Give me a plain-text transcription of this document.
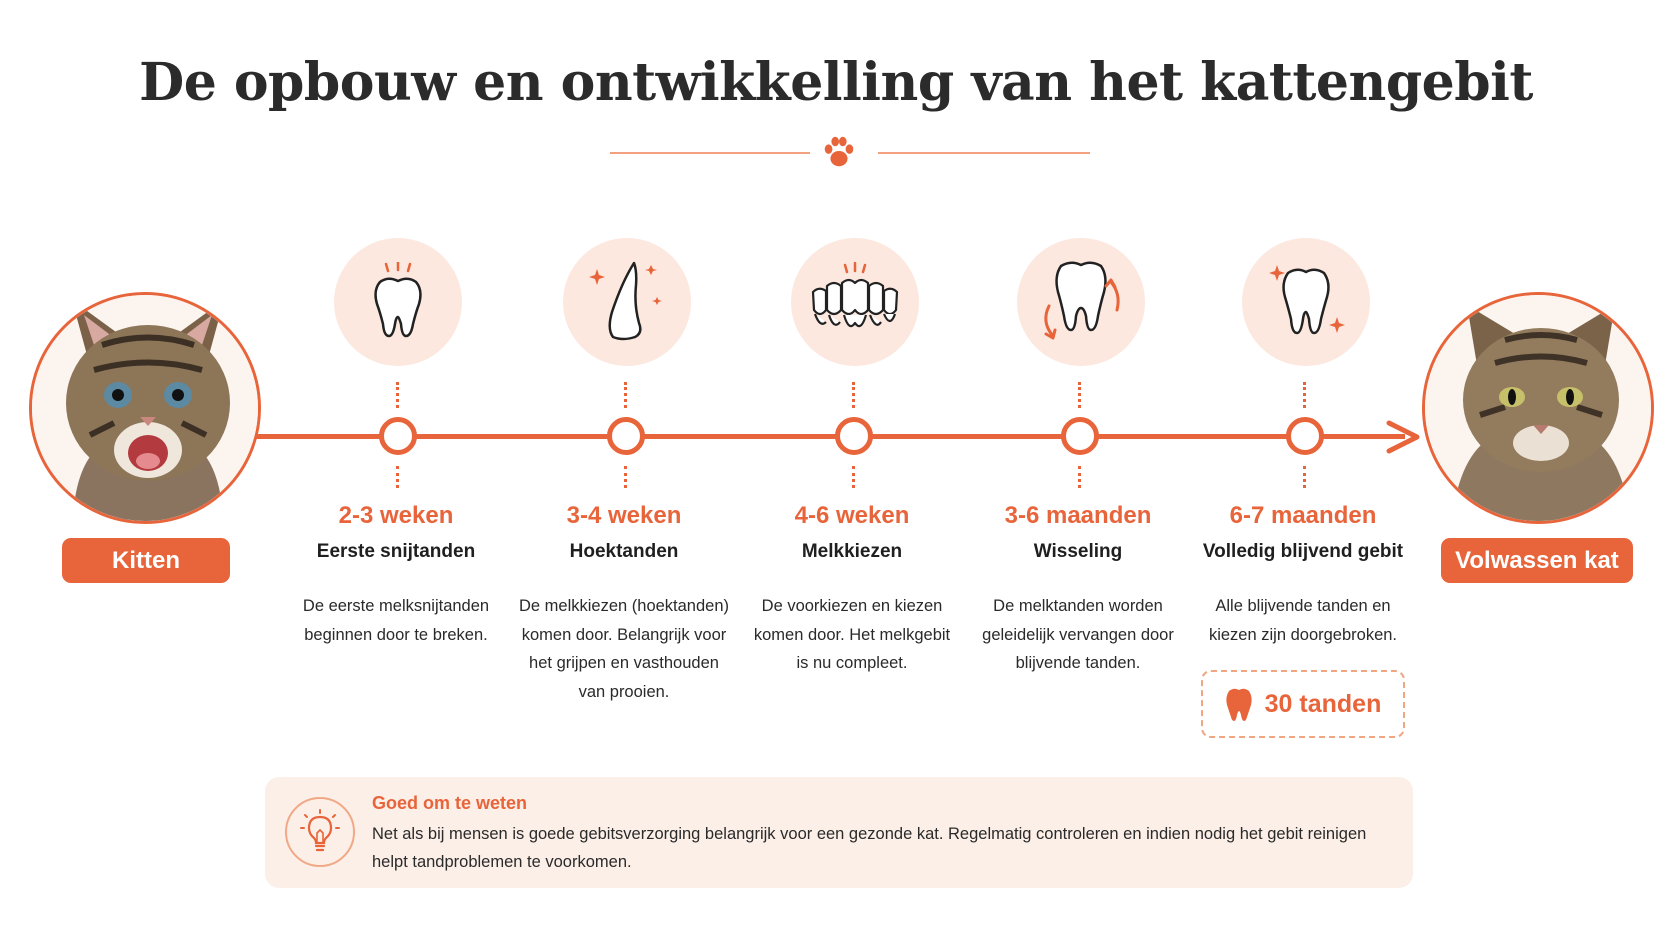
De opbouw en ontwikkelling van het kattengebit
Kitten	Volwassen kat
2-3 weken
Eerste snijtanden
De eerste melksnijtanden
beginnen door te breken.
3-4 weken
Hoektanden
De melkkiezen (hoektanden)
komen door. Belangrijk voor
het grijpen en vasthouden
van prooien.
4-6 weken
Melkkiezen
De voorkiezen en kiezen
komen door. Het melkgebit
is nu compleet.
3-6 maanden
Wisseling
De melktanden worden
geleidelijk vervangen door
blijvende tanden.
6-7 maanden
Volledig blijvend gebit
Alle blijvende tanden en
kiezen zijn doorgebroken.
30 tanden
Goed om te weten
Net als bij mensen is goede gebitsverzorging belangrijk voor een gezonde kat. Regelmatig controleren en indien nodig het gebit reinigen
helpt tandproblemen te voorkomen.
